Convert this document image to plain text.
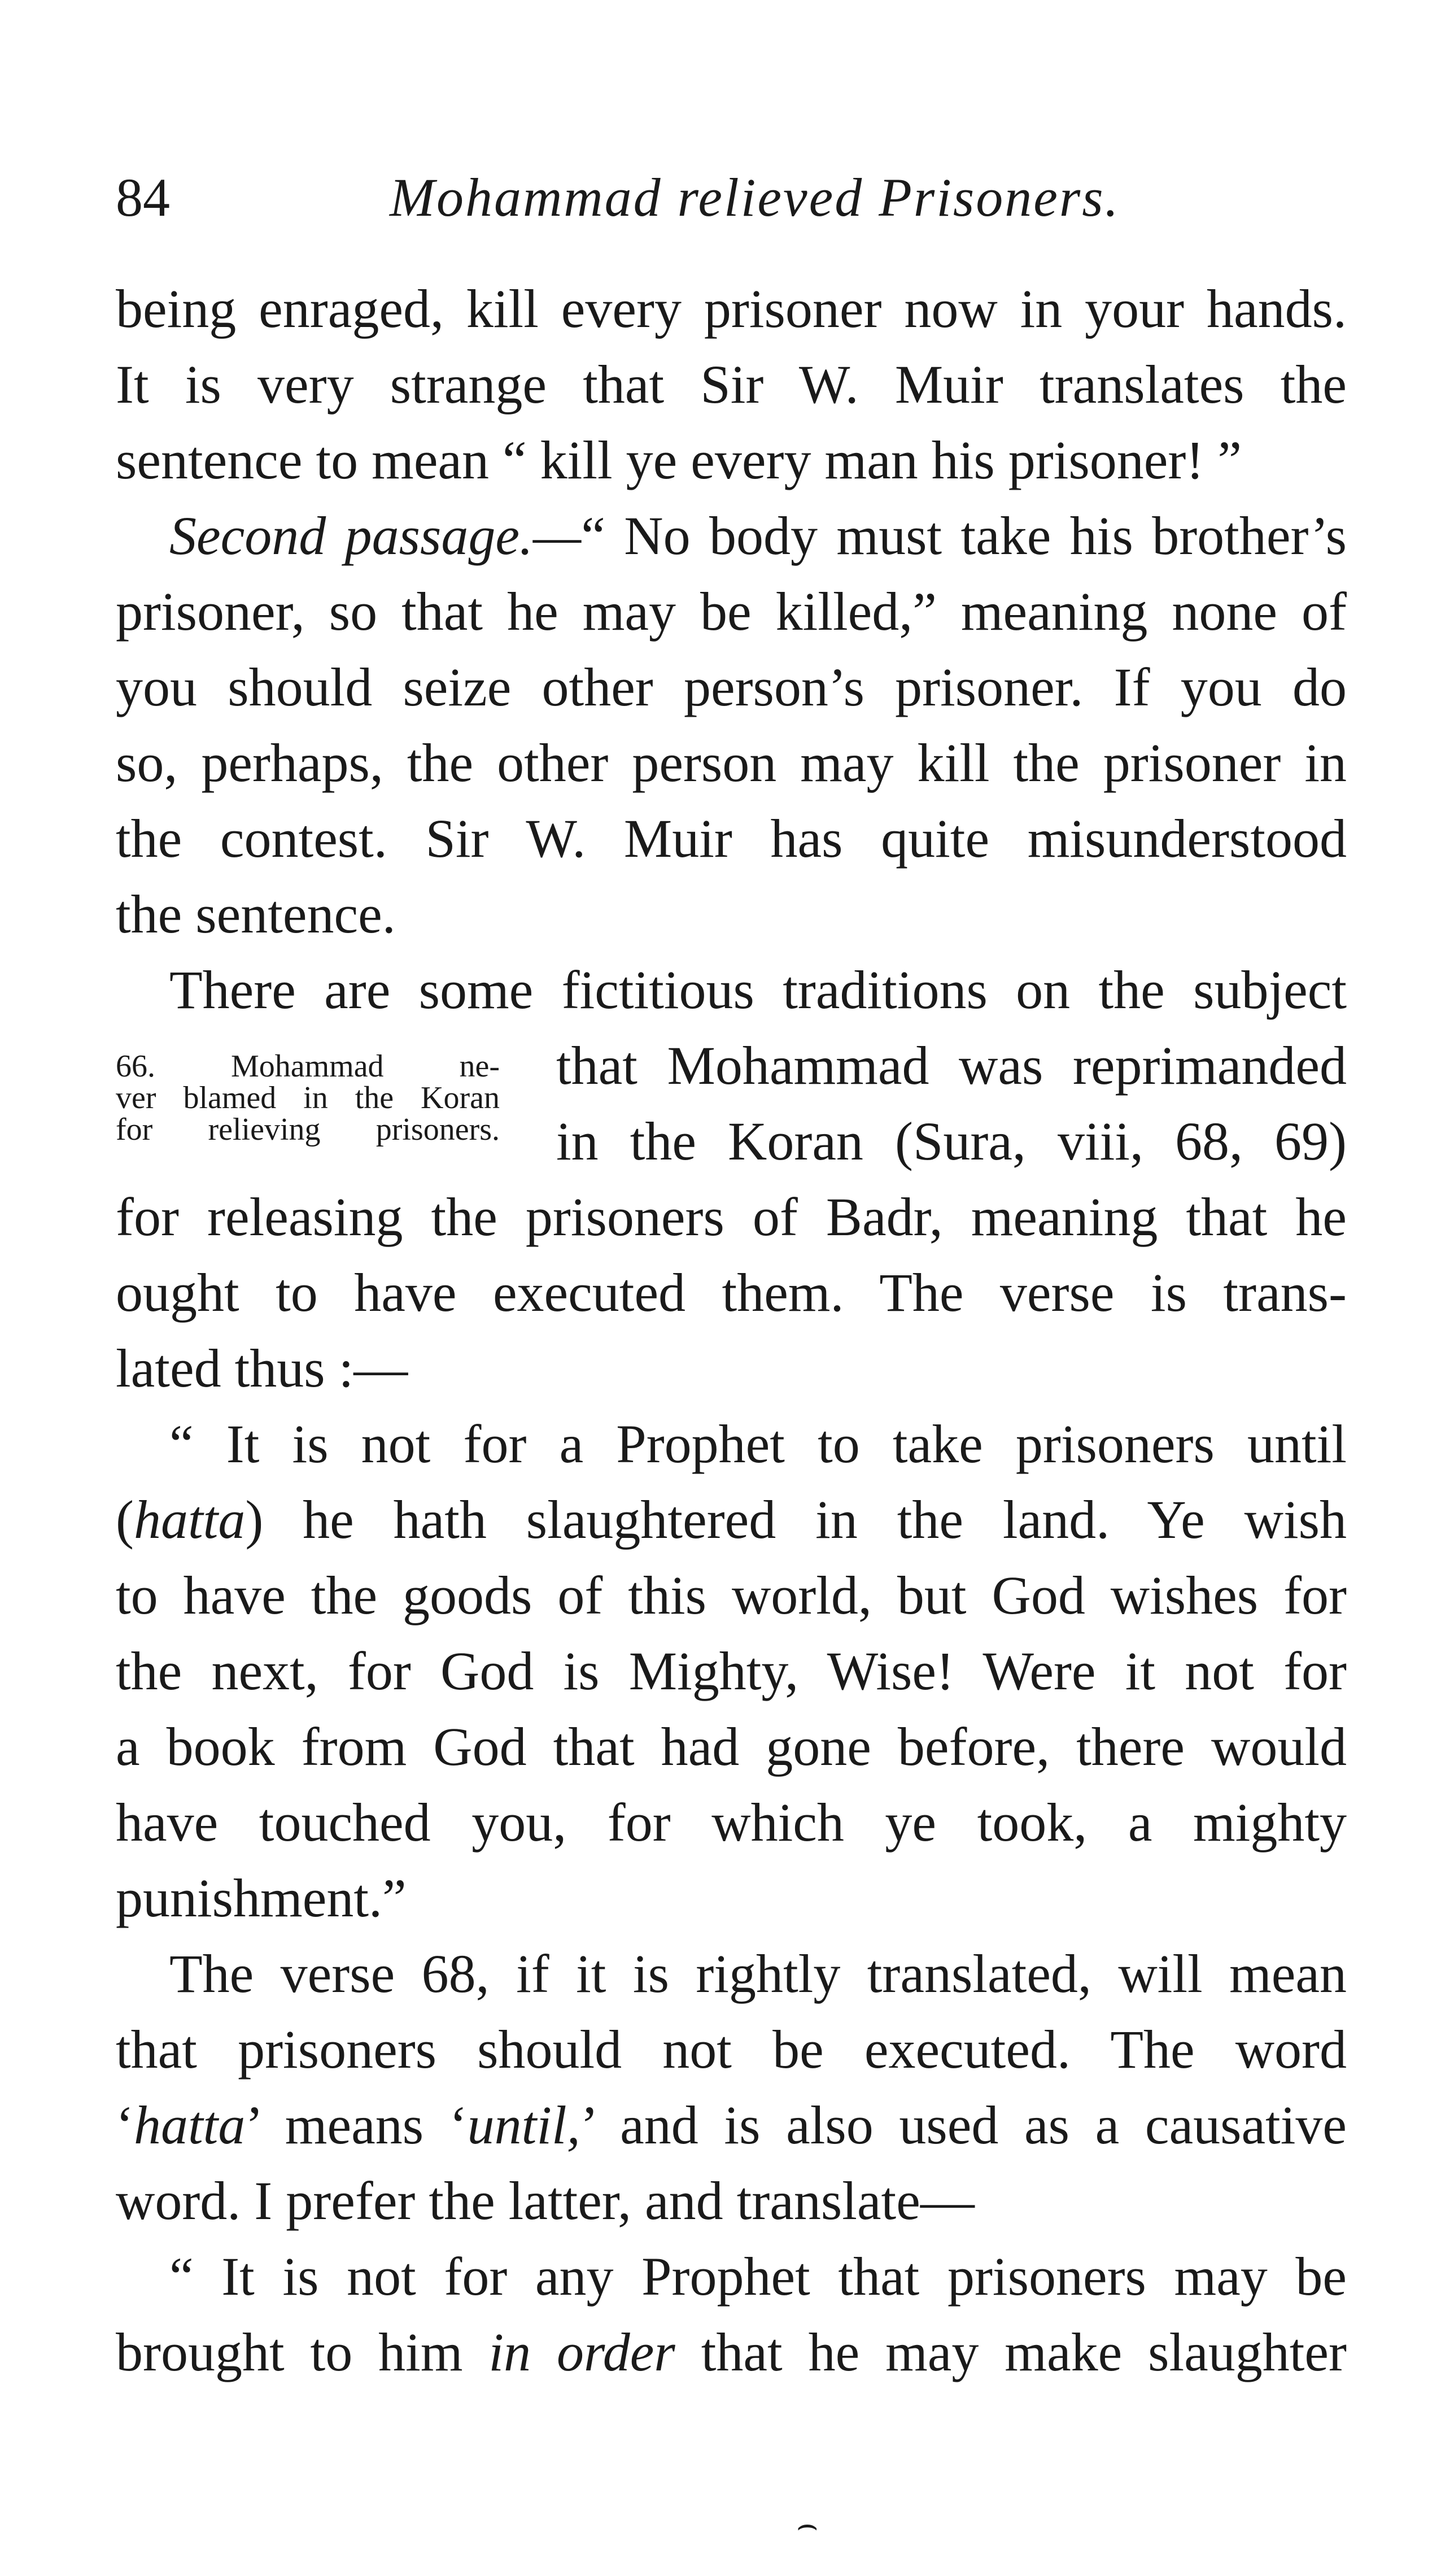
84	Mohammad relieved Prisoners.
being enraged, kill every prisoner now in your hands.
It is very strange that Sir W. Muir translates the
sentence to mean “ kill ye every man his prisoner! ”
Second passage.—“ No body must take his brother’s
prisoner, so that he may be killed,” meaning none of
you should seize other person’s prisoner. If you do
so, perhaps, the other person may kill the prisoner in
the contest. Sir W. Muir has quite misunderstood
the sentence.
There are some fictitious traditions on the subject
66. Mohammad ne-
ver blamed in the Koran
for relieving prisoners.
that Mohammad was reprimanded
in the Koran (Sura, viii, 68, 69)
for releasing the prisoners of Badr, meaning that he
ought to have executed them. The verse is trans-
lated thus :—
“ It is not for a Prophet to take prisoners until
(hatta) he hath slaughtered in the land. Ye wish
to have the goods of this world, but God wishes for
the next, for God is Mighty, Wise! Were it not for
a book from God that had gone before, there would
have touched you, for which ye took, a mighty
punishment.”
The verse 68, if it is rightly translated, will mean
that prisoners should not be executed. The word
‘hatta’ means ‘until,’ and is also used as a causative
word. I prefer the latter, and translate—
“ It is not for any Prophet that prisoners may be
brought to him in order that he may make slaughter
⌢
